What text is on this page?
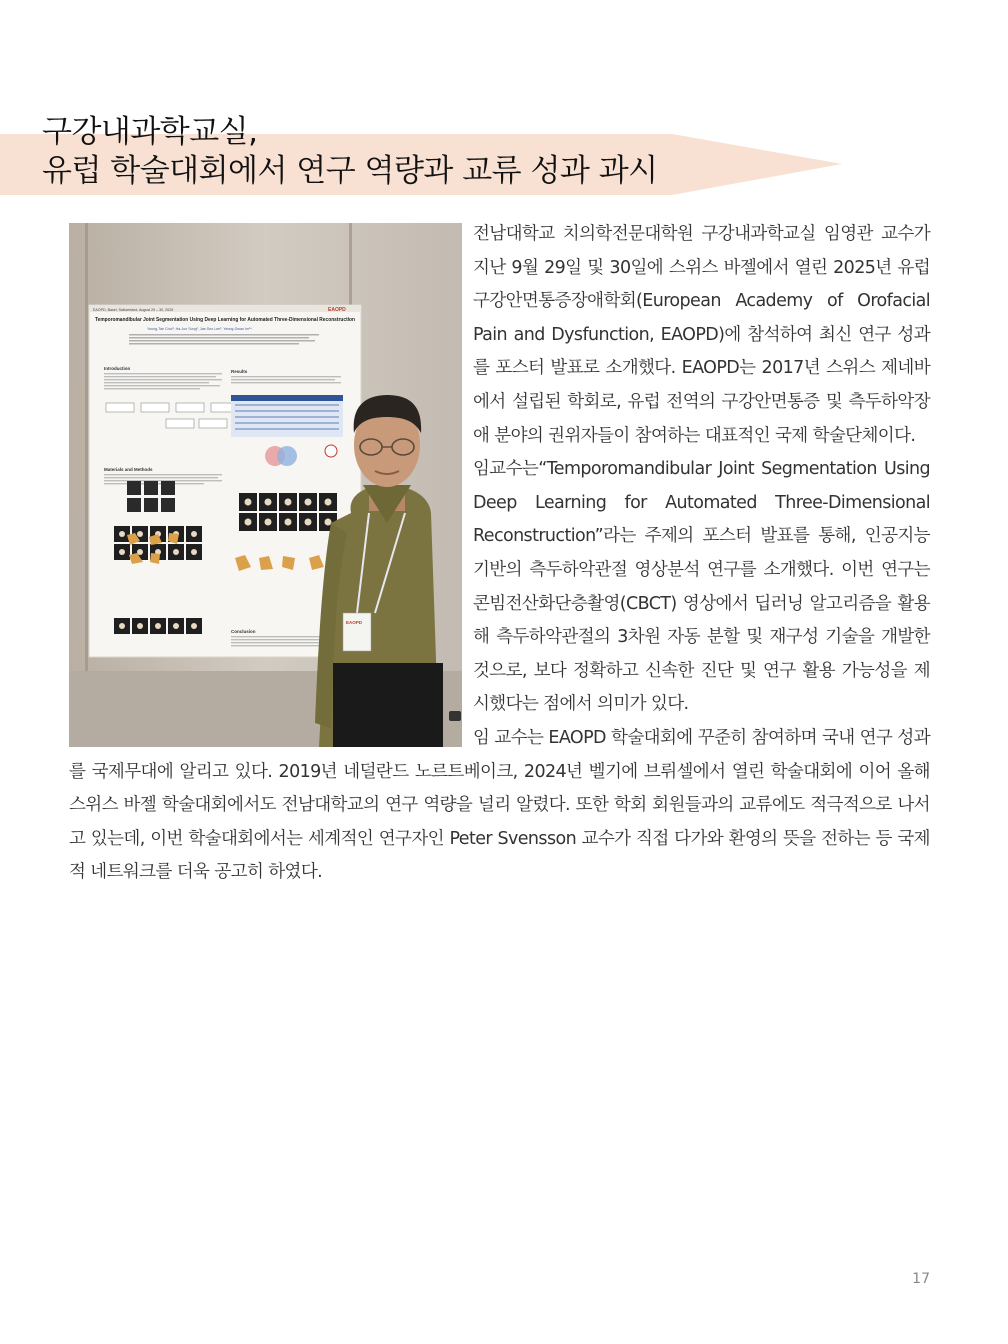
구강내과학교실,
유럽 학술대회에서 연구 역량과 교류 성과 과시
EAOPD, Basel, Switzerland, August 29 – 30, 2025	EAOPD
Temporomandibular Joint Segmentation Using Deep Learning for Automated Three-Dimensional Reconstruction
Young-Tae Choi¹, Ha-Jun Song², Jae-Seo Lee³, Yeong-Gwan Im¹⁴
Introduction
Results
Materials and Methods
Conclusion
EAOPD

전남대학교 치의학전문대학원 구강내과학교실 임영관 교수가 지난 9월 29일 및 30일에 스위스 바젤에서 열린 2025년 유럽 구강안면통증장애학회(European Academy of Orofacial Pain and Dysfunction, EAOPD)에 참석하여 최신 연구 성과를 포스터 발표로 소개했다. EAOPD는 2017년 스위스 제네바에서 설립된 학회로, 유럽 전역의 구강안면통증 및 측두하악장애 분야의 권위자들이 참여하는 대표적인 국제 학술단체이다.

임교수는“Temporomandibular Joint Segmentation Using Deep Learning for Automated Three-Dimensional Reconstruction”라는 주제의 포스터 발표를 통해, 인공지능 기반의 측두하악관절 영상분석 연구를 소개했다. 이번 연구는 콘빔전산화단층촬영(CBCT) 영상에서 딥러닝 알고리즘을 활용해 측두하악관절의 3차원 자동 분할 및 재구성 기술을 개발한 것으로, 보다 정확하고 신속한 진단 및 연구 활용 가능성을 제시했다는 점에서 의미가 있다.

임 교수는 EAOPD 학술대회에 꾸준히 참여하며 국내 연구 성과를 국제무대에 알리고 있다. 2019년 네덜란드 노르트베이크, 2024년 벨기에 브뤼셀에서 열린 학술대회에 이어 올해 스위스 바젤 학술대회에서도 전남대학교의 연구 역량을 널리 알렸다. 또한 학회 회원들과의 교류에도 적극적으로 나서고 있는데, 이번 학술대회에서는 세계적인 연구자인 Peter Svensson 교수가 직접 다가와 환영의 뜻을 전하는 등 국제적 네트워크를 더욱 공고히 하였다.

17
